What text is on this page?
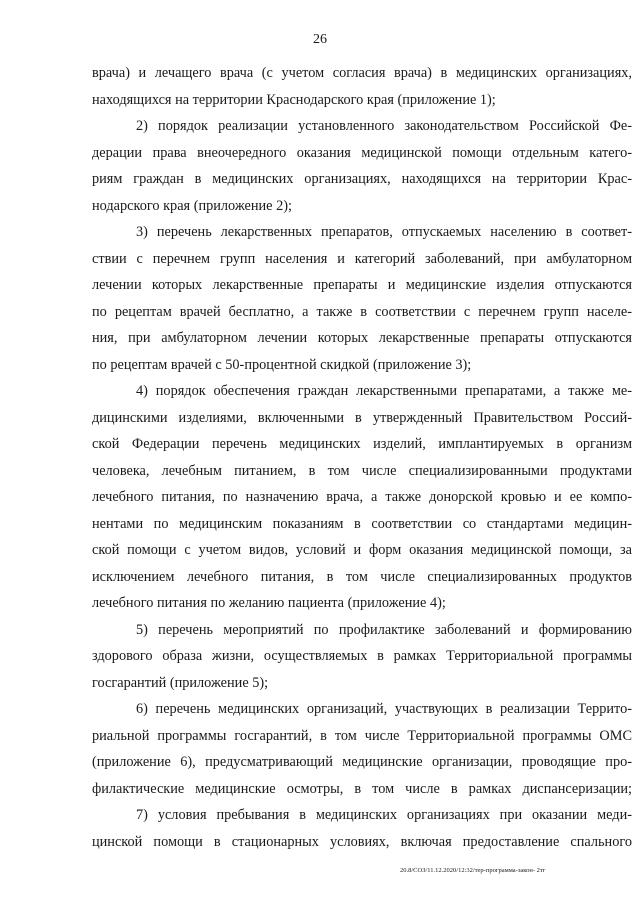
26
врача) и лечащего врача (с учетом согласия врача) в медицинских организациях,
находящихся на территории Краснодарского края (приложение 1);
2) порядок реализации установленного законодательством Российской Фе-
дерации права внеочередного оказания медицинской помощи отдельным катего-
риям граждан в медицинских организациях, находящихся на территории Крас-
нодарского края (приложение 2);
3) перечень лекарственных препаратов, отпускаемых населению в соответ-
ствии с перечнем групп населения и категорий заболеваний, при амбулаторном
лечении которых лекарственные препараты и медицинские изделия отпускаются
по рецептам врачей бесплатно, а также в соответствии с перечнем групп населе-
ния, при амбулаторном лечении которых лекарственные препараты отпускаются
по рецептам врачей с 50-процентной скидкой (приложение 3);
4) порядок обеспечения граждан лекарственными препаратами, а также ме-
дицинскими изделиями, включенными в утвержденный Правительством Россий-
ской Федерации перечень медицинских изделий, имплантируемых в организм
человека, лечебным питанием, в том числе специализированными продуктами
лечебного питания, по назначению врача, а также донорской кровью и ее компо-
нентами по медицинским показаниям в соответствии со стандартами медицин-
ской помощи с учетом видов, условий и форм оказания медицинской помощи, за
исключением лечебного питания, в том числе специализированных продуктов
лечебного питания по желанию пациента (приложение 4);
5) перечень мероприятий по профилактике заболеваний и формированию
здорового образа жизни, осуществляемых в рамках Территориальной программы
госгарантий (приложение 5);
6) перечень медицинских организаций, участвующих в реализации Террито-
риальной программы госгарантий, в том числе Территориальной программы ОМС
(приложение 6), предусматривающий медицинские организации, проводящие про-
филактические медицинские осмотры, в том числе в рамках диспансеризации;
7) условия пребывания в медицинских организациях при оказании меди-
цинской помощи в стационарных условиях, включая предоставление спального
20.8/СОЗ/11.12.2020/12:32/тер-программа-закон- 2тг
